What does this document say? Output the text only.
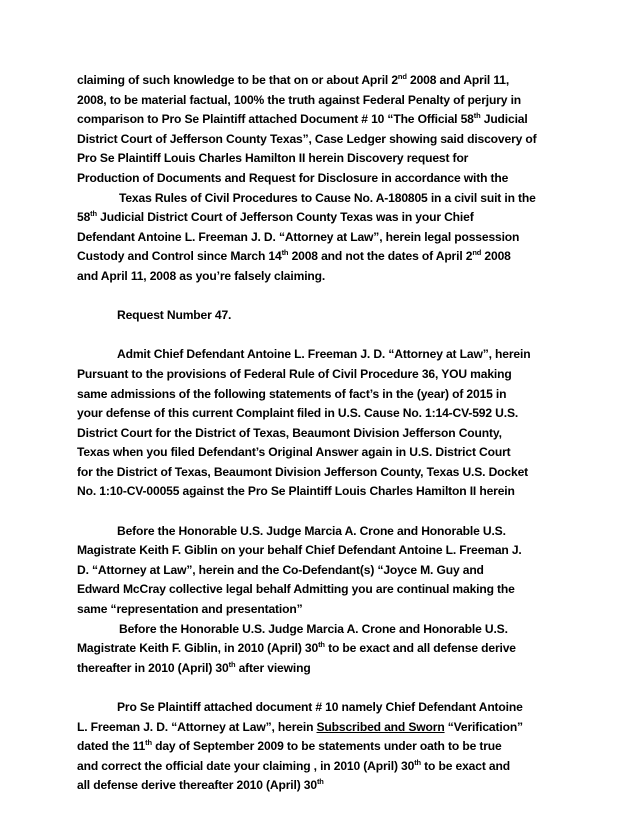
claiming of such knowledge to be that on or about April 2nd 2008 and April 11,
2008, to be material factual, 100% the truth against Federal Penalty of perjury in
comparison to Pro Se Plaintiff attached Document # 10 “The Official 58th Judicial
District Court of Jefferson County Texas”, Case Ledger showing said discovery of
Pro Se Plaintiff Louis Charles Hamilton II herein Discovery request for
Production of Documents and Request for Disclosure in accordance with the
Texas Rules of Civil Procedures to Cause No. A-180805 in a civil suit in the
58th Judicial District Court of Jefferson County Texas was in your Chief
Defendant Antoine L. Freeman J. D. “Attorney at Law”, herein legal possession
Custody and Control since March 14th 2008 and not the dates of April 2nd 2008
and April 11, 2008 as you’re falsely claiming.
Request Number 47.
Admit Chief Defendant Antoine L. Freeman J. D. “Attorney at Law”, herein
Pursuant to the provisions of Federal Rule of Civil Procedure 36, YOU making
same admissions of the following statements of fact’s in the (year) of 2015 in
your defense of this current Complaint filed in U.S. Cause No. 1:14-CV-592 U.S.
District Court for the District of Texas, Beaumont Division Jefferson County,
Texas when you filed Defendant’s Original Answer again in U.S. District Court
for the District of Texas, Beaumont Division Jefferson County, Texas U.S. Docket
No. 1:10-CV-00055 against the Pro Se Plaintiff Louis Charles Hamilton II herein
Before the Honorable U.S. Judge Marcia A. Crone and Honorable U.S.
Magistrate Keith F. Giblin on your behalf Chief Defendant Antoine L. Freeman J.
D. “Attorney at Law”, herein and the Co-Defendant(s) “Joyce M. Guy and
Edward McCray collective legal behalf Admitting you are continual making the
same “representation and presentation”
Before the Honorable U.S. Judge Marcia A. Crone and Honorable U.S.
Magistrate Keith F. Giblin, in 2010 (April) 30th to be exact and all defense derive
thereafter in 2010 (April) 30th after viewing
Pro Se Plaintiff attached document # 10 namely Chief Defendant Antoine
L. Freeman J. D. “Attorney at Law”, herein Subscribed and Sworn “Verification”
dated the 11th day of September 2009 to be statements under oath to be true
and correct the official date your claiming , in 2010 (April) 30th to be exact and
all defense derive thereafter 2010 (April) 30th
